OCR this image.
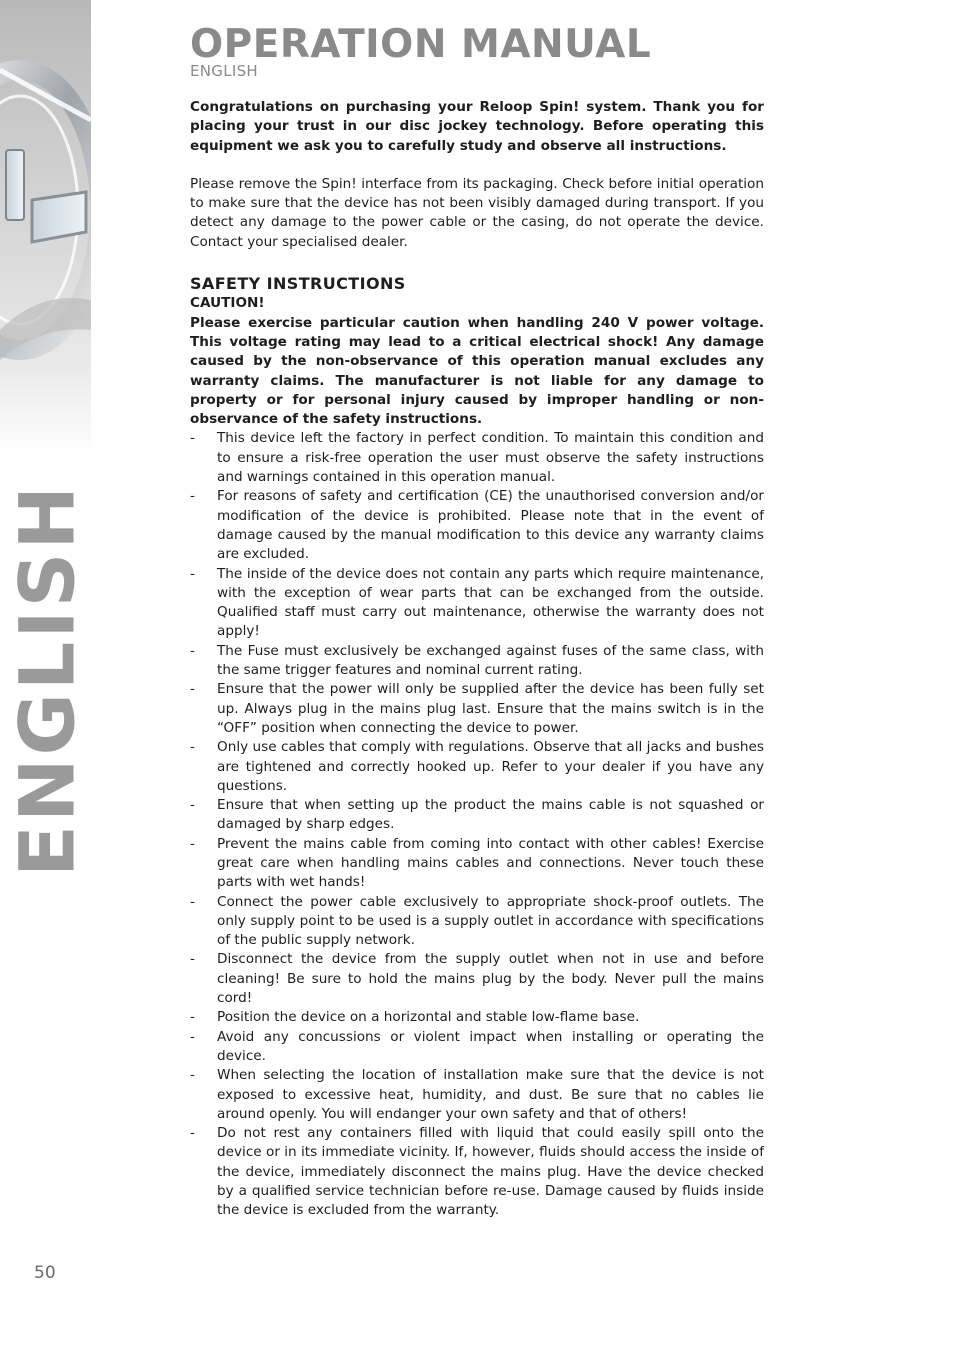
ENGLISH
OPERATION MANUAL
ENGLISH

Congratulations on purchasing your Reloop Spin! system. Thank you for placing your trust in our disc jockey technology. Before operating this equipment we ask you to carefully study and observe all instructions.

Please remove the Spin! interface from its packaging. Check before initial operation to make sure that the device has not been visibly damaged during transport. If you detect any damage to the power cable or the casing, do not operate the device. Contact your specialised dealer.

SAFETY INSTRUCTIONS

CAUTION!

Please exercise particular caution when handling 240 V power voltage. This voltage rating may lead to a critical electrical shock! Any damage caused by the non-observance of this operation manual excludes any warranty claims. The manufacturer is not liable for any damage to property or for personal injury caused by improper handling or non-observance of the safety instructions.

- This device left the factory in perfect condition. To maintain this condition and to ensure a risk-free operation the user must observe the safety instructions and warnings contained in this operation manual.
- For reasons of safety and certification (CE) the unauthorised conversion and/or modification of the device is prohibited. Please note that in the event of damage caused by the manual modification to this device any warranty claims are excluded.
- The inside of the device does not contain any parts which require maintenance, with the exception of wear parts that can be exchanged from the outside. Qualified staff must carry out maintenance, otherwise the warranty does not apply!
- The Fuse must exclusively be exchanged against fuses of the same class, with the same trigger features and nominal current rating.
- Ensure that the power will only be supplied after the device has been fully set up. Always plug in the mains plug last. Ensure that the mains switch is in the “OFF” position when connecting the device to power.
- Only use cables that comply with regulations. Observe that all jacks and bushes are tightened and correctly hooked up. Refer to your dealer if you have any questions.
- Ensure that when setting up the product the mains cable is not squashed or damaged by sharp edges.
- Prevent the mains cable from coming into contact with other cables! Exercise great care when handling mains cables and connections. Never touch these parts with wet hands!
- Connect the power cable exclusively to appropriate shock-proof outlets. The only supply point to be used is a supply outlet in accordance with specifications of the public supply network.
- Disconnect the device from the supply outlet when not in use and before cleaning! Be sure to hold the mains plug by the body. Never pull the mains cord!
- Position the device on a horizontal and stable low-flame base.
- Avoid any concussions or violent impact when installing or operating the device.
- When selecting the location of installation make sure that the device is not exposed to excessive heat, humidity, and dust. Be sure that no cables lie around openly. You will endanger your own safety and that of others!
- Do not rest any containers filled with liquid that could easily spill onto the device or in its immediate vicinity. If, however, fluids should access the inside of the device, immediately disconnect the mains plug. Have the device checked by a qualified service technician before re-use. Damage caused by fluids inside the device is excluded from the warranty.
50
